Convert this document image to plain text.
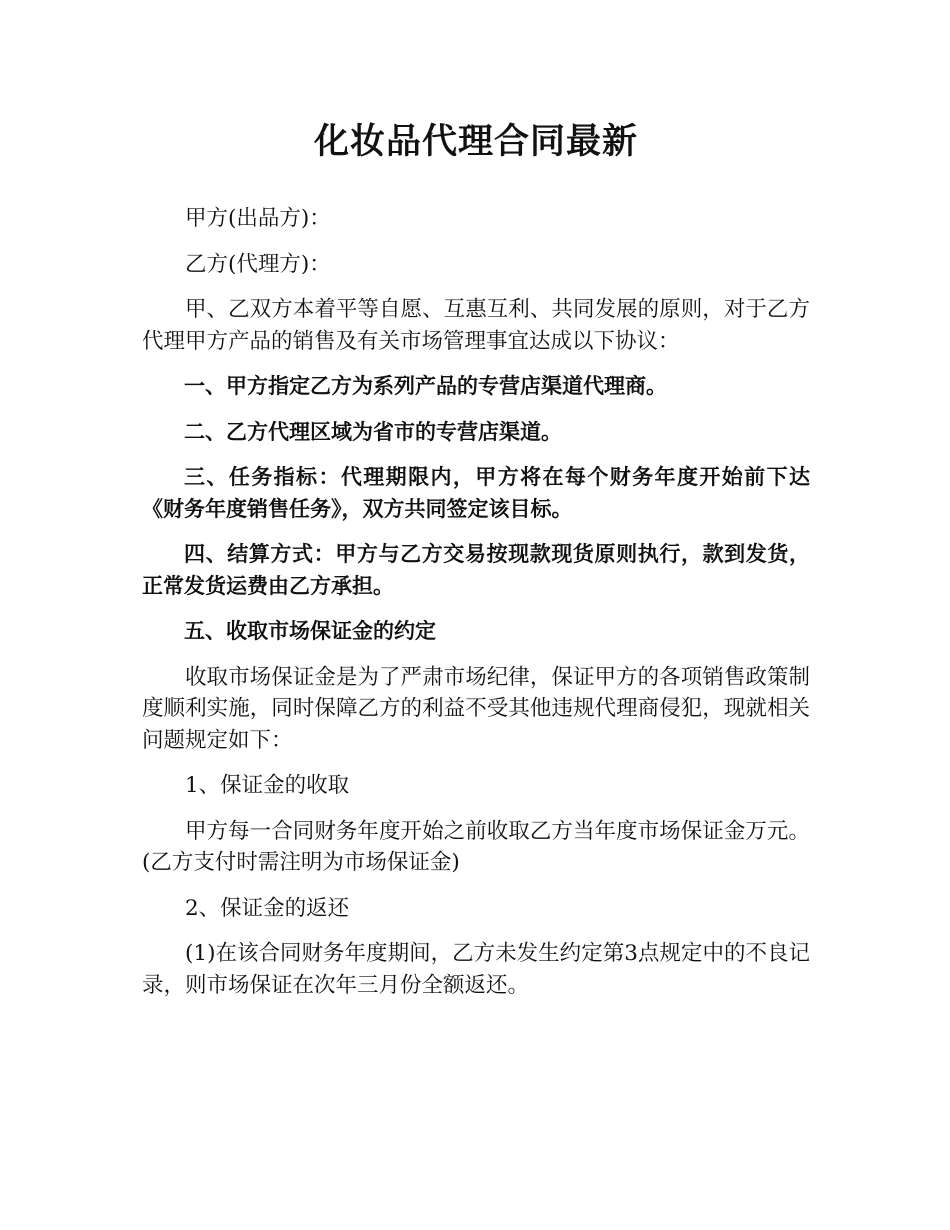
化妆品代理合同最新

甲方(出品方)：

乙方(代理方)：

甲、乙双方本着平等自愿、互惠互利、共同发展的原则，对于乙方代理甲方产品的销售及有关市场管理事宜达成以下协议：

一、甲方指定乙方为系列产品的专营店渠道代理商。

二、乙方代理区域为省市的专营店渠道。

三、任务指标：代理期限内，甲方将在每个财务年度开始前下达《财务年度销售任务》，双方共同签定该目标。

四、结算方式：甲方与乙方交易按现款现货原则执行，款到发货，正常发货运费由乙方承担。

五、收取市场保证金的约定

收取市场保证金是为了严肃市场纪律，保证甲方的各项销售政策制度顺利实施，同时保障乙方的利益不受其他违规代理商侵犯，现就相关问题规定如下：

1、保证金的收取

甲方每一合同财务年度开始之前收取乙方当年度市场保证金万元。(乙方支付时需注明为市场保证金)

2、保证金的返还

(1)在该合同财务年度期间，乙方未发生约定第3点规定中的不良记录，则市场保证在次年三月份全额返还。
